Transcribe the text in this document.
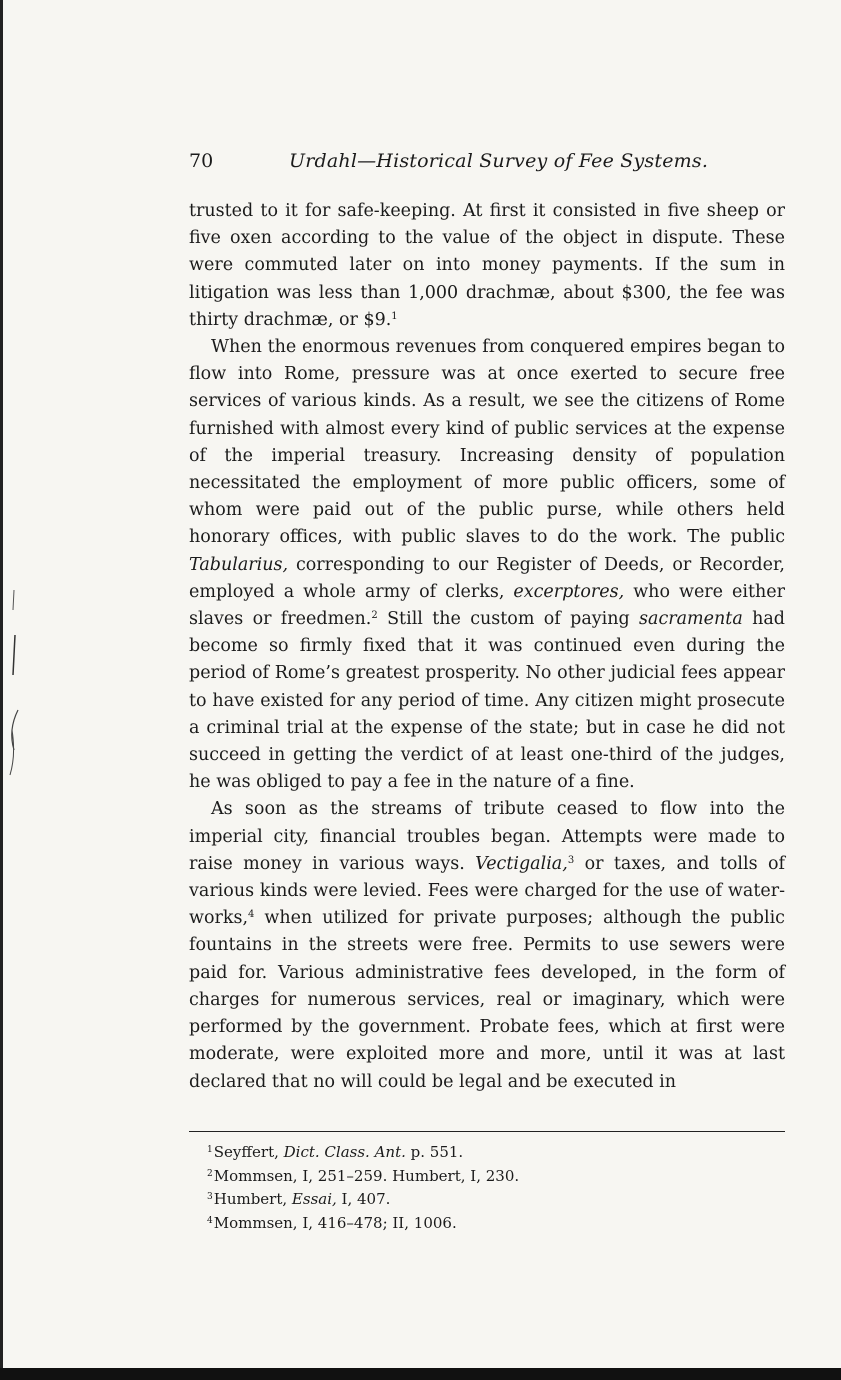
70	Urdahl—Historical Survey of Fee Systems.

trusted to it for safe-keeping. At first it consisted in five sheep or five oxen according to the value of the object in dispute. These were commuted later on into money payments. If the sum in litigation was less than 1,000 drachmæ, about $300, the fee was thirty drachmæ, or $9.$^1$

When the enormous revenues from conquered empires began to flow into Rome, pressure was at once exerted to secure free services of various kinds. As a result, we see the citizens of Rome furnished with almost every kind of public services at the expense of the imperial treasury. Increasing density of population necessitated the employment of more public officers, some of whom were paid out of the public purse, while others held honorary offices, with public slaves to do the work. The public Tabularius, corresponding to our Register of Deeds, or Recorder, employed a whole army of clerks, excerptores, who were either slaves or freedmen.$^2$ Still the custom of paying sacramenta had become so firmly fixed that it was continued even during the period of Rome’s greatest prosperity. No other judicial fees appear to have existed for any period of time. Any citizen might prosecute a criminal trial at the expense of the state; but in case he did not succeed in getting the verdict of at least one-third of the judges, he was obliged to pay a fee in the nature of a fine.

As soon as the streams of tribute ceased to flow into the imperial city, financial troubles began. Attempts were made to raise money in various ways. Vectigalia,$^3$ or taxes, and tolls of various kinds were levied. Fees were charged for the use of water-works,$^4$ when utilized for private purposes; although the public fountains in the streets were free. Permits to use sewers were paid for. Various administrative fees developed, in the form of charges for numerous services, real or imaginary, which were performed by the government. Probate fees, which at first were moderate, were exploited more and more, until it was at last declared that no will could be legal and be executed in

$^1$Seyffert, Dict. Class. Ant. p. 551.
$^2$Mommsen, I, 251–259. Humbert, I, 230.
$^3$Humbert, Essai, I, 407.
$^4$Mommsen, I, 416–478; II, 1006.
